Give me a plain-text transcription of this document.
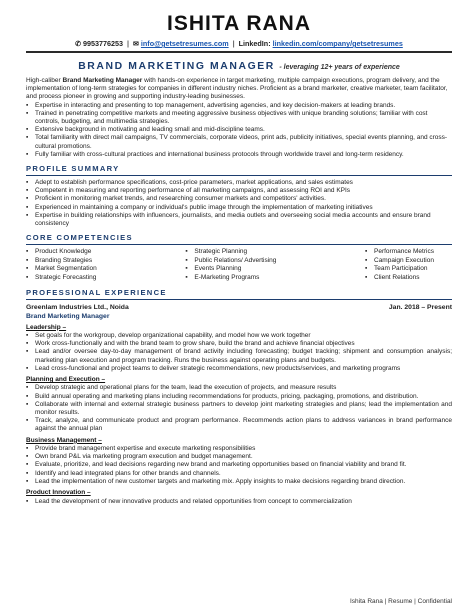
ISHITA RANA
✆ 9953776253 | ✉ info@getsetresumes.com | LinkedIn: linkedin.com/company/getsetresumes
BRAND MARKETING MANAGER - leveraging 12+ years of experience

High-caliber Brand Marketing Manager with hands-on experience in target marketing, multiple campaign executions, program delivery, and the implementation of long-term strategies for companies in different industry niches. Proficient as a brand marketer, creative marketer, team facilitator, and process pioneer in growing and supporting industry-leading businesses.

▪ Expertise in interacting and presenting to top management, advertising agencies, and key decision-makers at leading brands.
▪ Trained in penetrating competitive markets and meeting aggressive business objectives with unique branding solutions; familiar with cost controls, budgeting, and multimedia strategies.
▪ Extensive background in motivating and leading small and mid-discipline teams.
▪ Total familiarity with direct mail campaigns, TV commercials, corporate videos, print ads, publicity initiatives, special events planning, and cross-cultural promotions.
▪ Fully familiar with cross-cultural practices and international business protocols through worldwide travel and long-term residency.
PROFILE SUMMARY
▪ Adept to establish performance specifications, cost-price parameters, market applications, and sales estimates
▪ Competent in measuring and reporting performance of all marketing campaigns, and assessing ROI and KPIs
▪ Proficient in monitoring market trends, and researching consumer markets and competitors' activities.
▪ Experienced in maintaining a company or individual's public image through the implementation of marketing initiatives
▪ Expertise in building relationships with influencers, journalists, and media outlets and overseeing social media accounts and ensure brand consistency
CORE COMPETENCIES
▪ Product Knowledge
▪ Branding Strategies
▪ Market Segmentation
▪ Strategic Forecasting
▪ Strategic Planning
▪ Public Relations/ Advertising
▪ Events Planning
▪ E-Marketing Programs
▪ Performance Metrics
▪ Campaign Execution
▪ Team Participation
▪ Client Relations
PROFESSIONAL EXPERIENCE
Greenlam Industries Ltd., Noida	Jan. 2018 – Present
Brand Marketing Manager
Leadership –
▪ Set goals for the workgroup, develop organizational capability, and model how we work together
▪ Work cross-functionally and with the brand team to grow share, build the brand and achieve financial objectives
▪ Lead and/or oversee day-to-day management of brand activity including forecasting; budget tracking; shipment and consumption analysis; marketing plan execution and program tracking. Runs the business against operating plans and budgets.
▪ Lead cross-functional and project teams to deliver strategic recommendations, new products/services, and marketing programs
Planning and Execution –
▪ Develop strategic and operational plans for the team, lead the execution of projects, and measure results
▪ Build annual operating and marketing plans including recommendations for products, pricing, packaging, promotions, and distribution.
▪ Collaborate with internal and external strategic business partners to develop joint marketing strategies and plans; lead the implementation and monitor results.
▪ Track, analyze, and communicate product and program performance. Recommends action plans to address variances in brand performance against the annual plan
Business Management –
▪ Provide brand management expertise and execute marketing responsibilities
▪ Own brand P&L via marketing program execution and budget management.
▪ Evaluate, prioritize, and lead decisions regarding new brand and marketing opportunities based on financial viability and brand fit.
▪ Identify and lead integrated plans for other brands and channels.
▪ Lead the implementation of new customer targets and marketing mix. Apply insights to make decisions regarding brand direction.
Product Innovation –
▪ Lead the development of new innovative products and related opportunities from concept to commercialization
Ishita Rana | Resume | Confidential
